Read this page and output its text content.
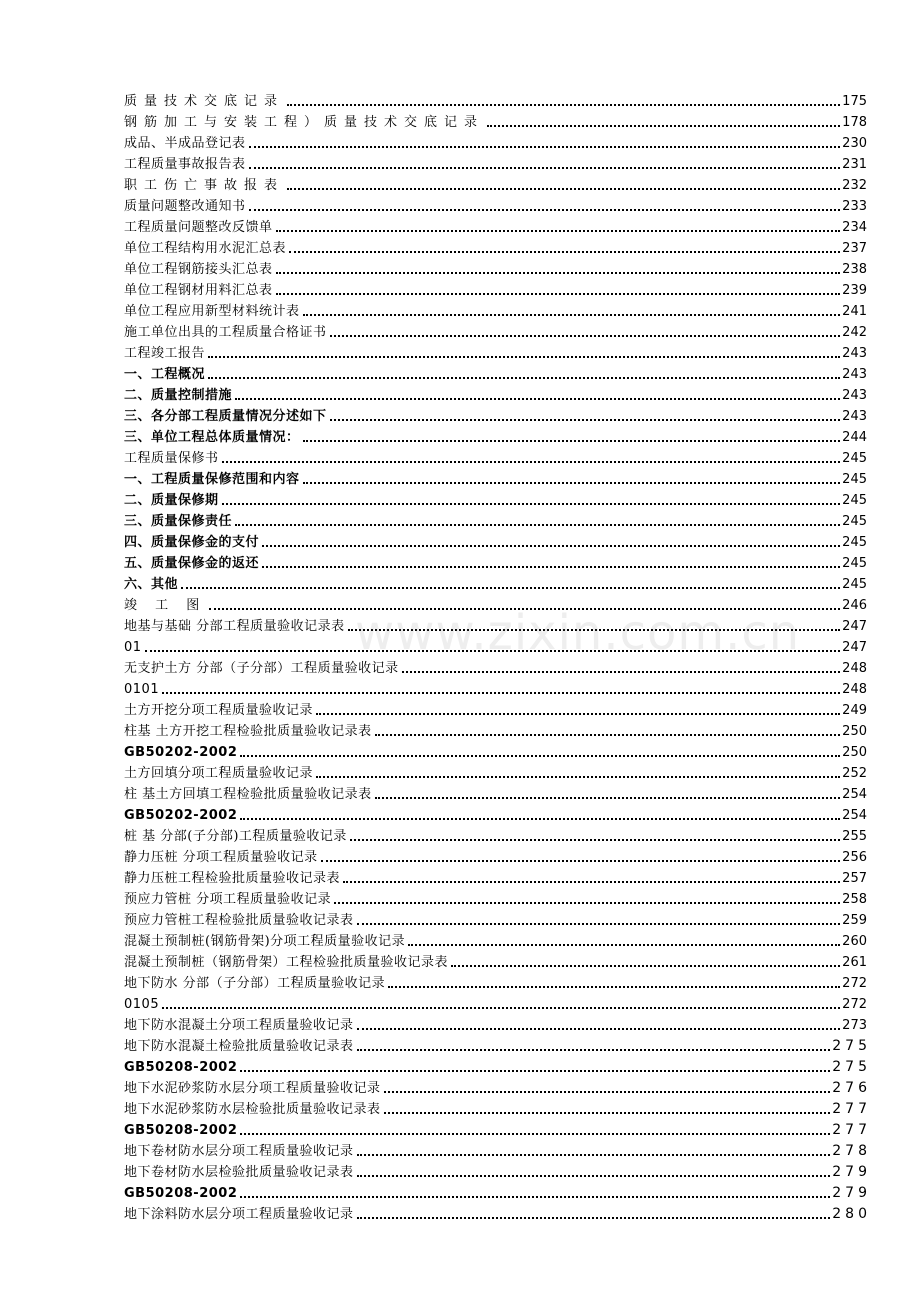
质量技术交底记录	175
钢筋加工与安装工程）质量技术交底记录	178
成品、半成品登记表	230
工程质量事故报告表	231
职工伤亡事故报表	232
质量问题整改通知书	233
工程质量问题整改反馈单	234
单位工程结构用水泥汇总表	237
单位工程钢筋接头汇总表	238
单位工程钢材用料汇总表	239
单位工程应用新型材料统计表	241
施工单位出具的工程质量合格证书	242
工程竣工报告	243
一、工程概况	243
二、质量控制措施	243
三、各分部工程质量情况分述如下	243
三、单位工程总体质量情况：	244
工程质量保修书	245
一、工程质量保修范围和内容	245
二、质量保修期	245
三、质量保修责任	245
四、质量保修金的支付	245
五、质量保修金的返还	245
六、其他	245
竣 工 图	246
地基与基础 分部工程质量验收记录表	247
01	247
无支护土方 分部（子分部）工程质量验收记录	248
0101	248
土方开挖分项工程质量验收记录	249
柱基 土方开挖工程检验批质量验收记录表	250
GB50202-2002	250
土方回填分项工程质量验收记录	252
柱 基土方回填工程检验批质量验收记录表	254
GB50202-2002	254
桩 基 分部(子分部)工程质量验收记录	255
静力压桩 分项工程质量验收记录	256
静力压桩工程检验批质量验收记录表	257
预应力管桩 分项工程质量验收记录	258
预应力管桩工程检验批质量验收记录表	259
混凝土预制桩(钢筋骨架)分项工程质量验收记录	260
混凝土预制桩（钢筋骨架）工程检验批质量验收记录表	261
地下防水 分部（子分部）工程质量验收记录	272
0105	272
地下防水混凝土分项工程质量验收记录	273
地下防水混凝土检验批质量验收记录表	275
GB50208-2002	275
地下水泥砂浆防水层分项工程质量验收记录	276
地下水泥砂浆防水层检验批质量验收记录表	277
GB50208-2002	277
地下卷材防水层分项工程质量验收记录	278
地下卷材防水层检验批质量验收记录表	279
GB50208-2002	279
地下涂料防水层分项工程质量验收记录	280
www.zixin.com.cn
